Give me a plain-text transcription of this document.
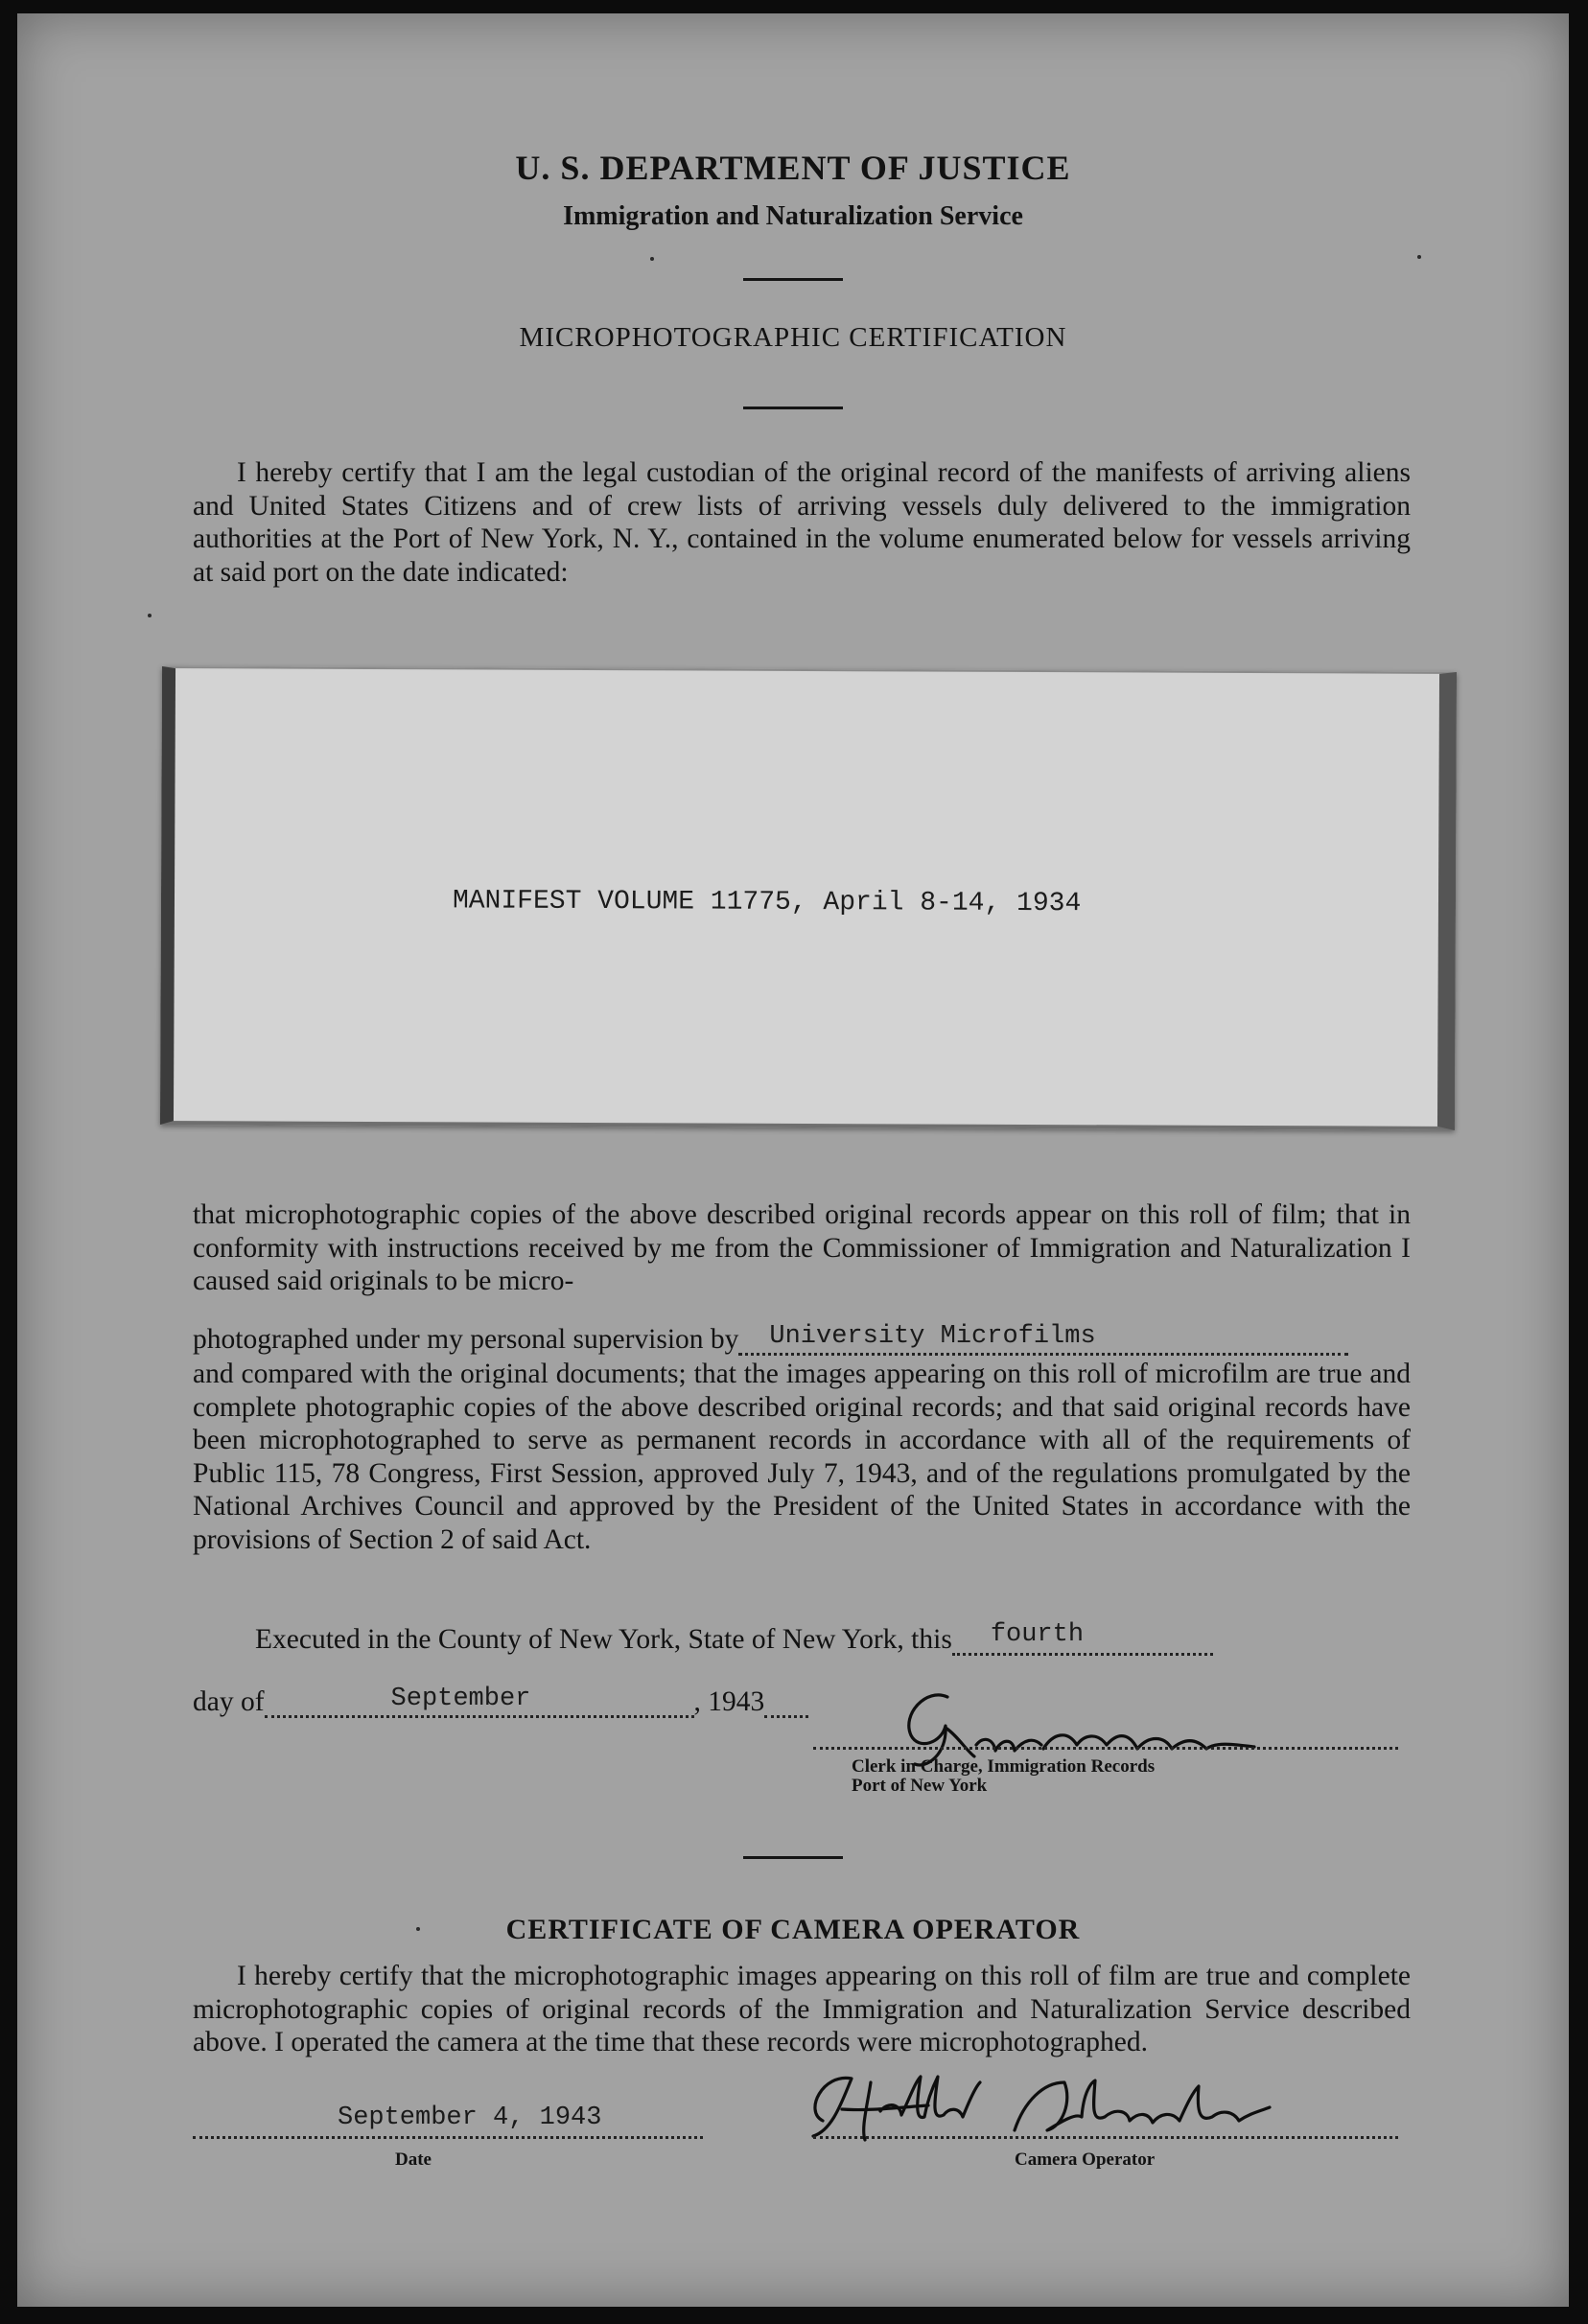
U. S. DEPARTMENT OF JUSTICE
Immigration and Naturalization Service
MICROPHOTOGRAPHIC CERTIFICATION
I hereby certify that I am the legal custodian of the original record of the manifests of arriving aliens and United States Citizens and of crew lists of arriving vessels duly delivered to the immigration authorities at the Port of New York, N. Y., contained in the volume enumerated below for vessels arriving at said port on the date indicated:
MANIFEST VOLUME 11775, April 8-14, 1934
that microphotographic copies of the above described original records appear on this roll of film; that in conformity with instructions received by me from the Commissioner of Immigration and Naturalization I caused said originals to be micro-
photographed under my personal supervision by University Microfilms
and compared with the original documents; that the images appearing on this roll of microfilm are true and complete photographic copies of the above described original records; and that said original records have been microphotographed to serve as permanent records in accordance with all of the requirements of Public 115, 78 Congress, First Session, approved July 7, 1943, and of the regulations promulgated by the National Archives Council and approved by the President of the United States in accordance with the provisions of Section 2 of said Act.
Executed in the County of New York, State of New York, this fourth
day of	September	, 1943
Clerk in Charge, Immigration Records
Port of New York
CERTIFICATE OF CAMERA OPERATOR
I hereby certify that the microphotographic images appearing on this roll of film are true and complete microphotographic copies of original records of the Immigration and Naturalization Service described above. I operated the camera at the time that these records were microphotographed.
September 4, 1943
Date	Camera Operator
